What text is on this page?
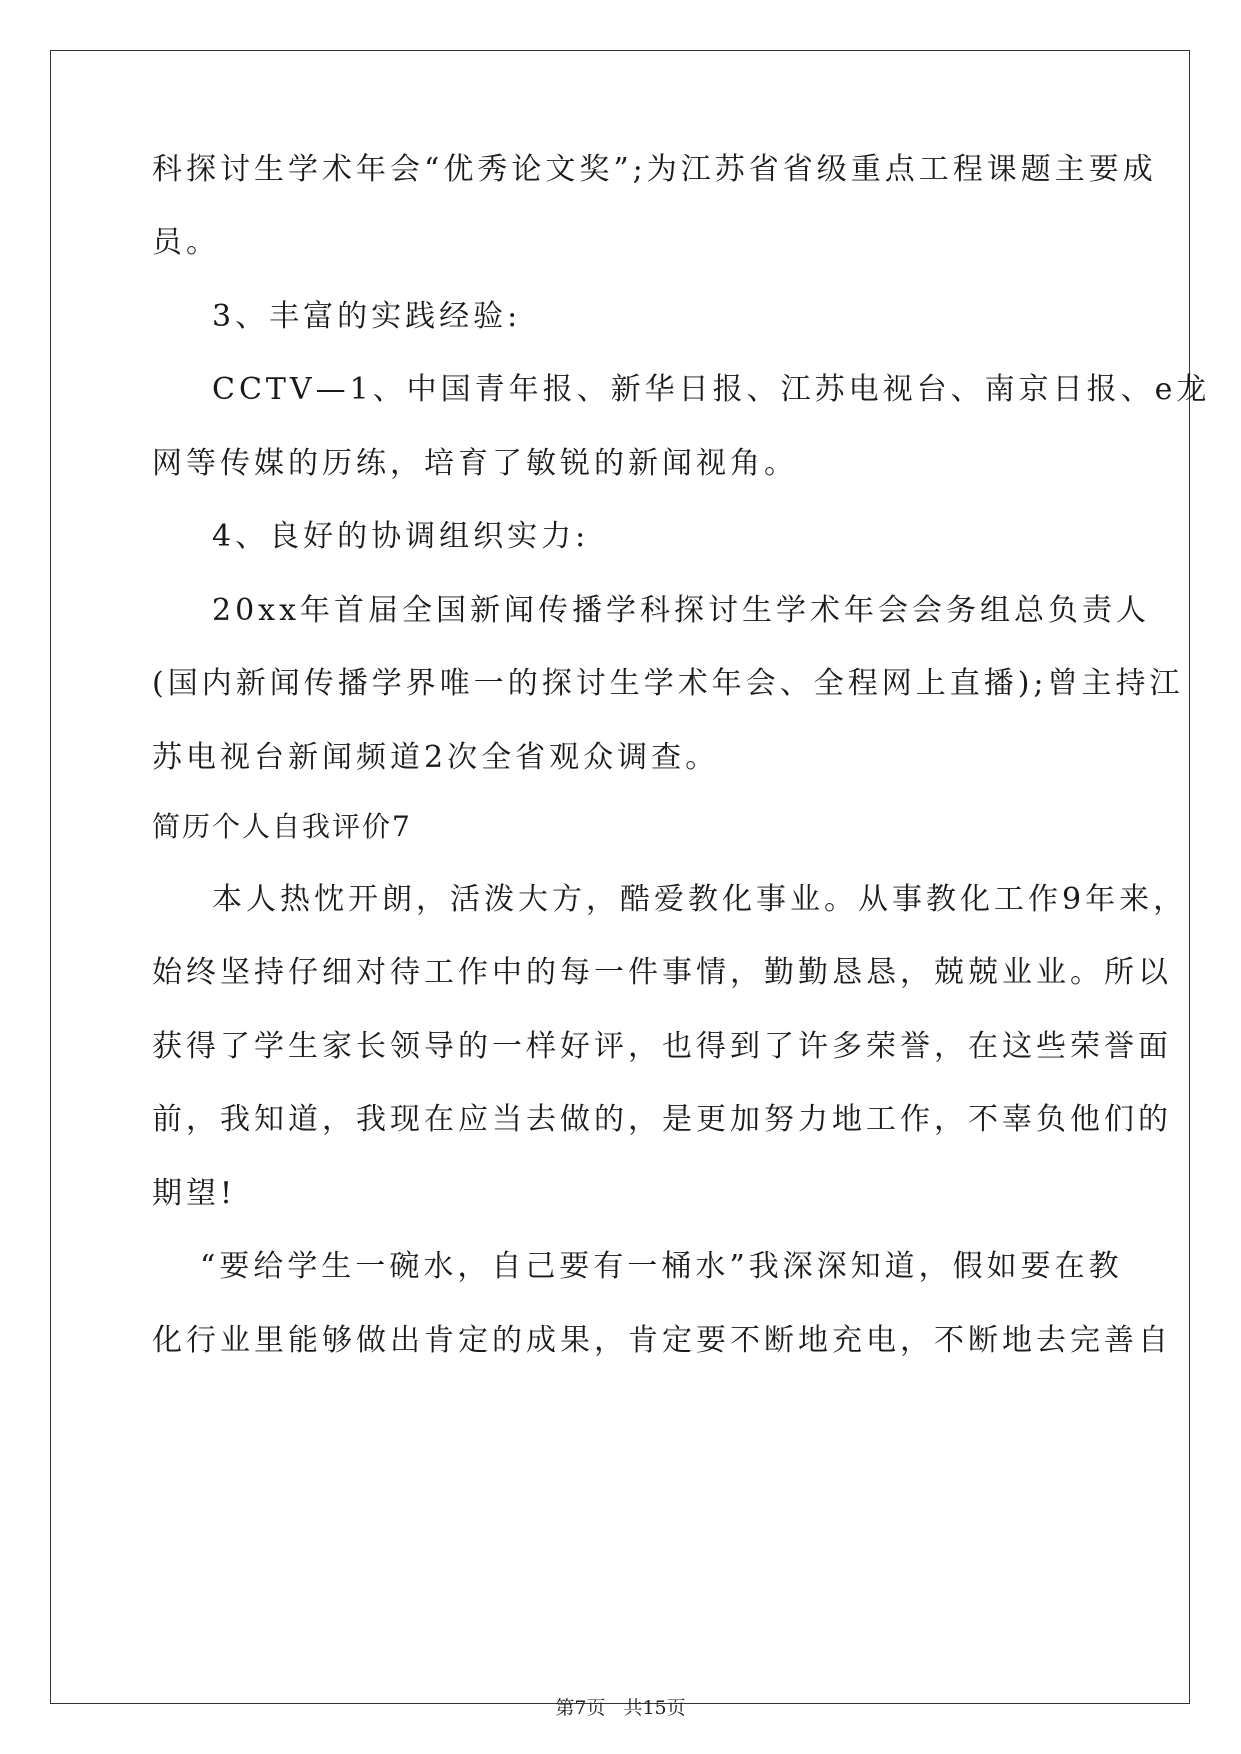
科探讨生学术年会“优秀论文奖”;为江苏省省级重点工程课题主要成
员。
3、丰富的实践经验:
CCTV—1、中国青年报、新华日报、江苏电视台、南京日报、e龙
网等传媒的历练，培育了敏锐的新闻视角。
4、良好的协调组织实力:
20xx年首届全国新闻传播学科探讨生学术年会会务组总负责人
(国内新闻传播学界唯一的探讨生学术年会、全程网上直播);曾主持江
苏电视台新闻频道2次全省观众调查。
简历个人自我评价7
本人热忱开朗，活泼大方，酷爱教化事业。从事教化工作9年来，
始终坚持仔细对待工作中的每一件事情，勤勤恳恳，兢兢业业。所以
获得了学生家长领导的一样好评，也得到了许多荣誉，在这些荣誉面
前，我知道，我现在应当去做的，是更加努力地工作，不辜负他们的
期望!
“要给学生一碗水，自己要有一桶水”我深深知道，假如要在教
化行业里能够做出肯定的成果，肯定要不断地充电，不断地去完善自
第7页 共15页
